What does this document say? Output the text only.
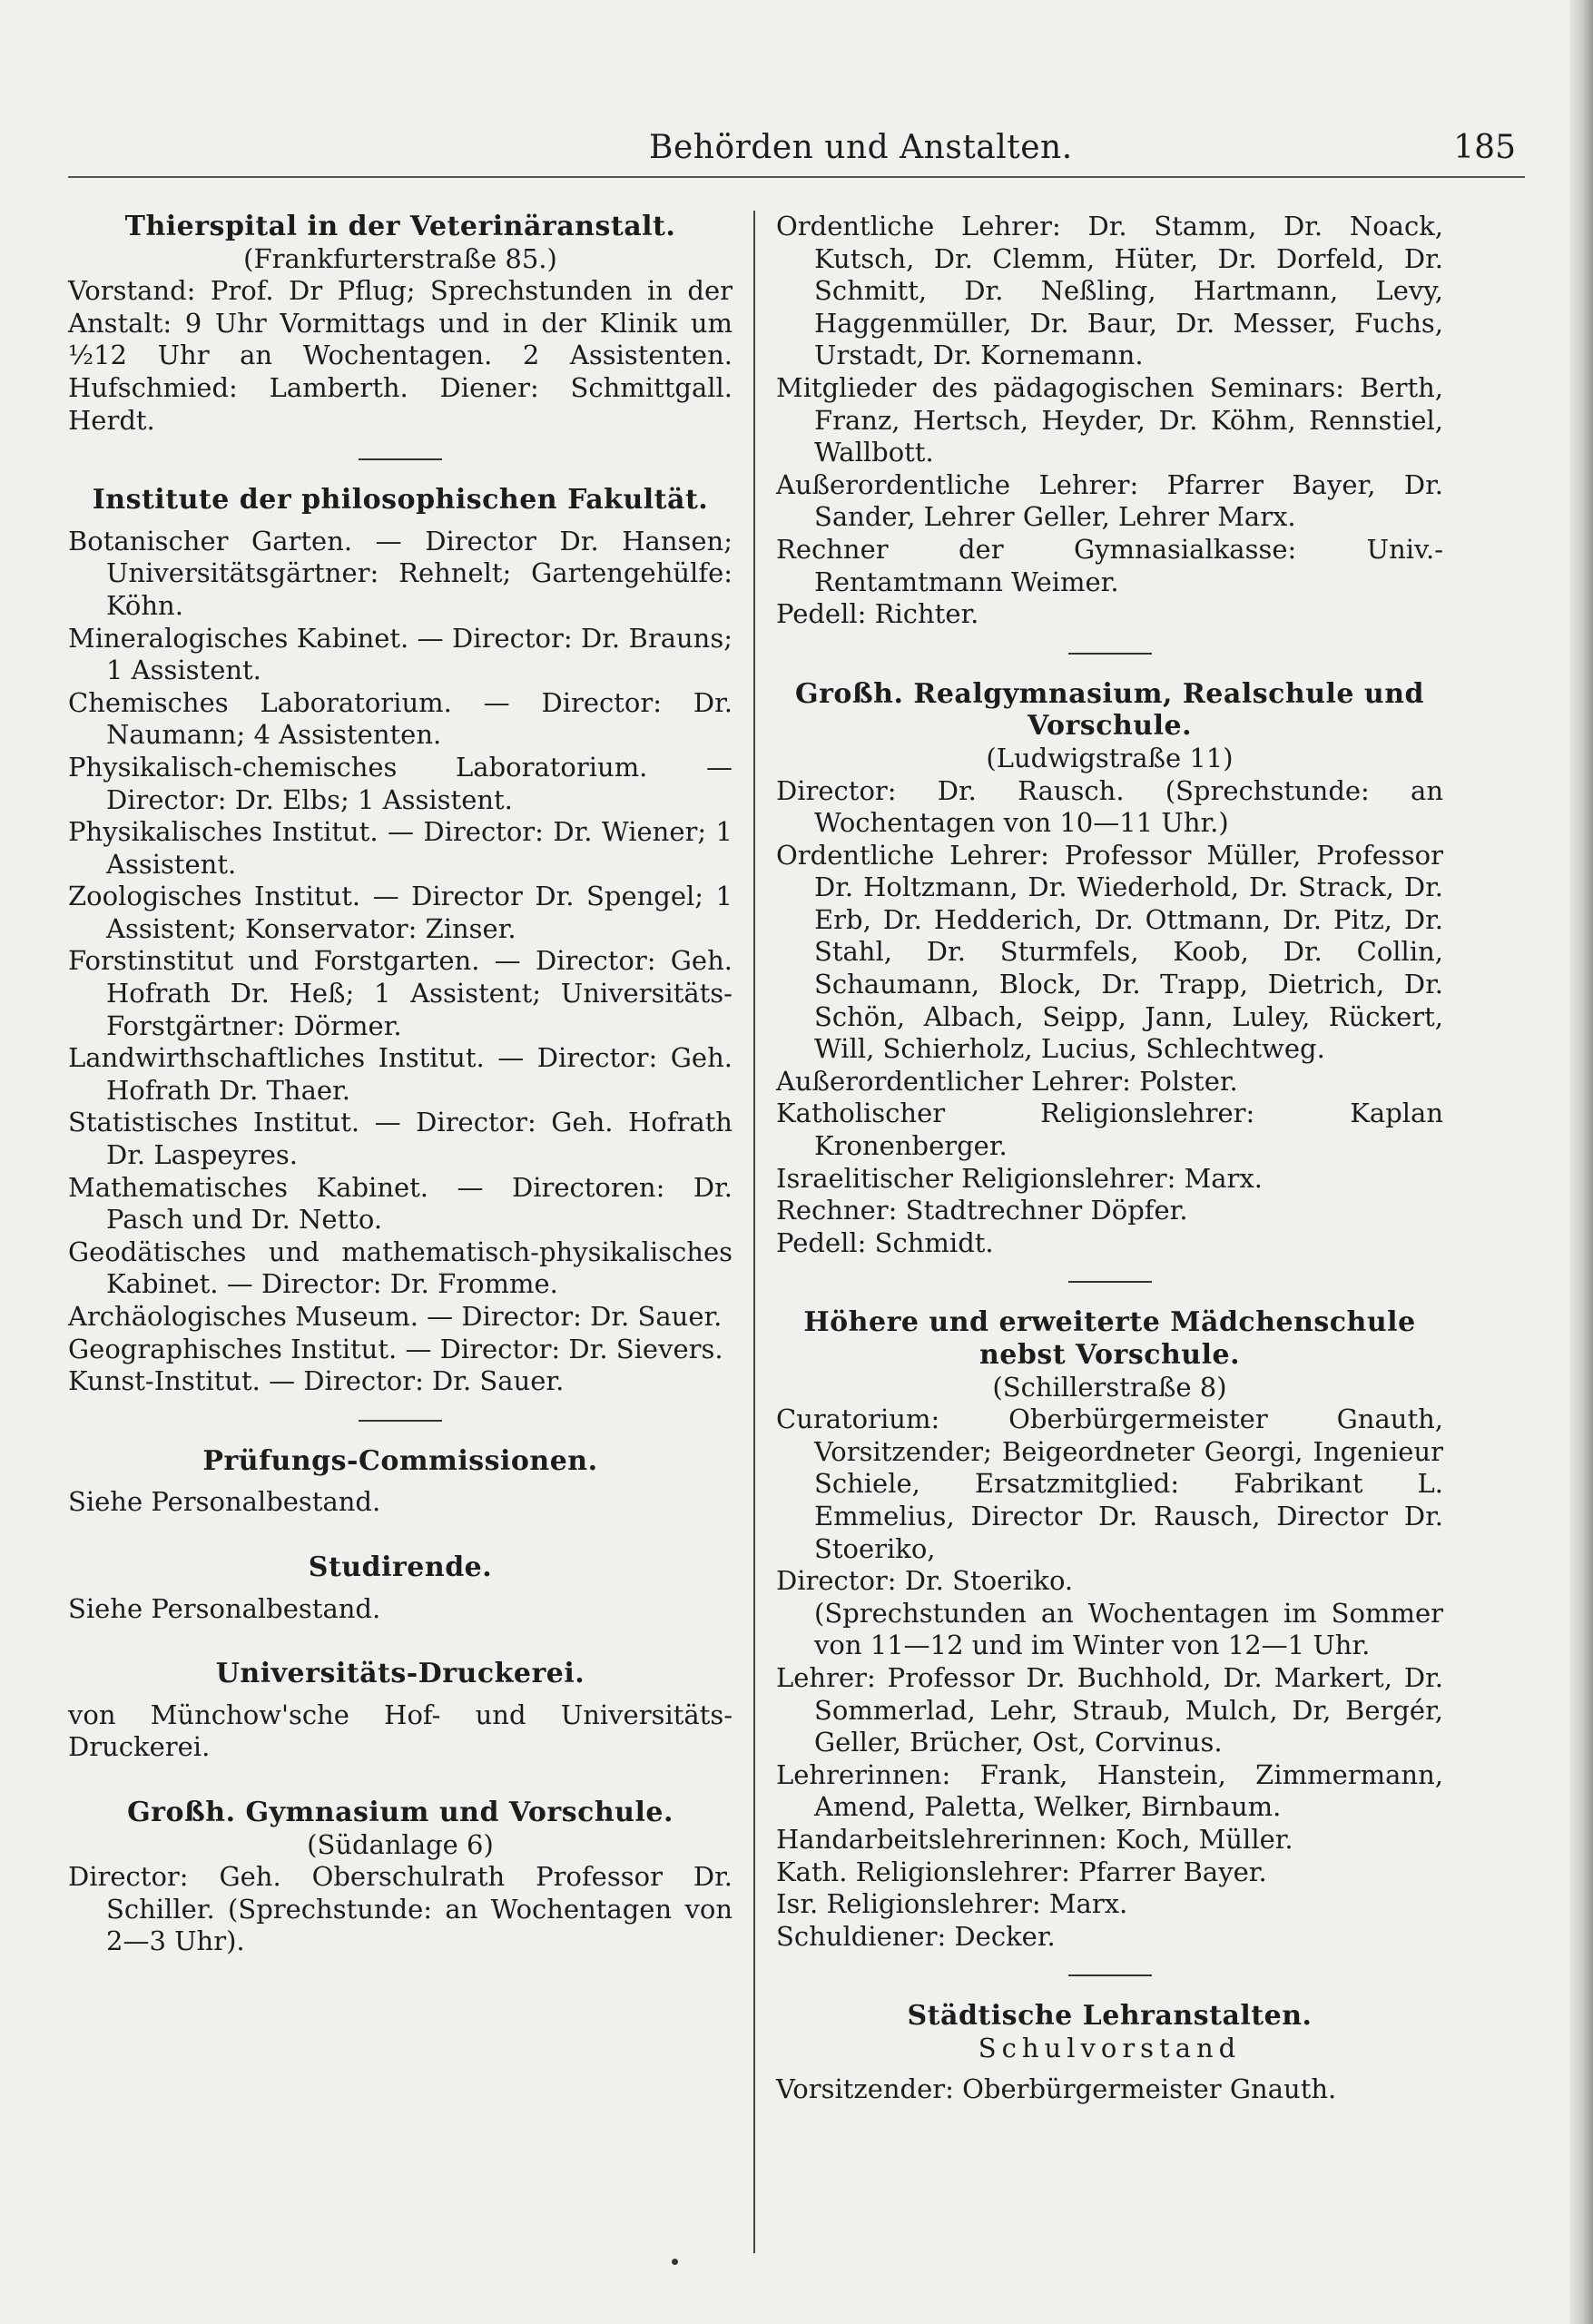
Behörden und Anstalten.	185
Thierspital in der Veterinäranstalt.
(Frankfurterstraße 85.)
Vorstand: Prof. Dr Pflug; Sprechstunden in der Anstalt: 9 Uhr Vormittags und in der Klinik um ½12 Uhr an Wochentagen. 2 Assistenten. Hufschmied: Lamberth. Diener: Schmittgall. Herdt.
Institute der philosophischen Fakultät.
Botanischer Garten. — Director Dr. Hansen; Universitätsgärtner: Rehnelt; Gartengehülfe: Köhn.
Mineralogisches Kabinet. — Director: Dr. Brauns; 1 Assistent.
Chemisches Laboratorium. — Director: Dr. Naumann; 4 Assistenten.
Physikalisch-chemisches Laboratorium. — Director: Dr. Elbs; 1 Assistent.
Physikalisches Institut. — Director: Dr. Wiener; 1 Assistent.
Zoologisches Institut. — Director Dr. Spengel; 1 Assistent; Konservator: Zinser.
Forstinstitut und Forstgarten. — Director: Geh. Hofrath Dr. Heß; 1 Assistent; Universitäts-Forstgärtner: Dörmer.
Landwirthschaftliches Institut. — Director: Geh. Hofrath Dr. Thaer.
Statistisches Institut. — Director: Geh. Hofrath Dr. Laspeyres.
Mathematisches Kabinet. — Directoren: Dr. Pasch und Dr. Netto.
Geodätisches und mathematisch-physikalisches Kabinet. — Director: Dr. Fromme.
Archäologisches Museum. — Director: Dr. Sauer.
Geographisches Institut. — Director: Dr. Sievers.
Kunst-Institut. — Director: Dr. Sauer.
Prüfungs-Commissionen.
Siehe Personalbestand.
Studirende.
Siehe Personalbestand.
Universitäts-Druckerei.
von Münchow'sche Hof- und Universitäts-Druckerei.
Großh. Gymnasium und Vorschule.
(Südanlage 6)
Director: Geh. Oberschulrath Professor Dr. Schiller. (Sprechstunde: an Wochentagen von 2—3 Uhr).
Ordentliche Lehrer: Dr. Stamm, Dr. Noack, Kutsch, Dr. Clemm, Hüter, Dr. Dorfeld, Dr. Schmitt, Dr. Neßling, Hartmann, Levy, Haggenmüller, Dr. Baur, Dr. Messer, Fuchs, Urstadt, Dr. Kornemann.
Mitglieder des pädagogischen Seminars: Berth, Franz, Hertsch, Heyder, Dr. Köhm, Rennstiel, Wallbott.
Außerordentliche Lehrer: Pfarrer Bayer, Dr. Sander, Lehrer Geller, Lehrer Marx.
Rechner der Gymnasialkasse: Univ.-Rentamtmann Weimer.
Pedell: Richter.
Großh. Realgymnasium, Realschule und Vorschule.
(Ludwigstraße 11)
Director: Dr. Rausch. (Sprechstunde: an Wochentagen von 10—11 Uhr.)
Ordentliche Lehrer: Professor Müller, Professor Dr. Holtzmann, Dr. Wiederhold, Dr. Strack, Dr. Erb, Dr. Hedderich, Dr. Ottmann, Dr. Pitz, Dr. Stahl, Dr. Sturmfels, Koob, Dr. Collin, Schaumann, Block, Dr. Trapp, Dietrich, Dr. Schön, Albach, Seipp, Jann, Luley, Rückert, Will, Schierholz, Lucius, Schlechtweg.
Außerordentlicher Lehrer: Polster.
Katholischer Religionslehrer: Kaplan Kronenberger.
Israelitischer Religionslehrer: Marx.
Rechner: Stadtrechner Döpfer.
Pedell: Schmidt.
Höhere und erweiterte Mädchenschule nebst Vorschule.
(Schillerstraße 8)
Curatorium: Oberbürgermeister Gnauth, Vorsitzender; Beigeordneter Georgi, Ingenieur Schiele, Ersatzmitglied: Fabrikant L. Emmelius, Director Dr. Rausch, Director Dr. Stoeriko,
Director: Dr. Stoeriko.
(Sprechstunden an Wochentagen im Sommer von 11—12 und im Winter von 12—1 Uhr.
Lehrer: Professor Dr. Buchhold, Dr. Markert, Dr. Sommerlad, Lehr, Straub, Mulch, Dr, Bergér, Geller, Brücher, Ost, Corvinus.
Lehrerinnen: Frank, Hanstein, Zimmermann, Amend, Paletta, Welker, Birnbaum.
Handarbeitslehrerinnen: Koch, Müller.
Kath. Religionslehrer: Pfarrer Bayer.
Isr. Religionslehrer: Marx.
Schuldiener: Decker.
Städtische Lehranstalten.
Schulvorstand
Vorsitzender: Oberbürgermeister Gnauth.
